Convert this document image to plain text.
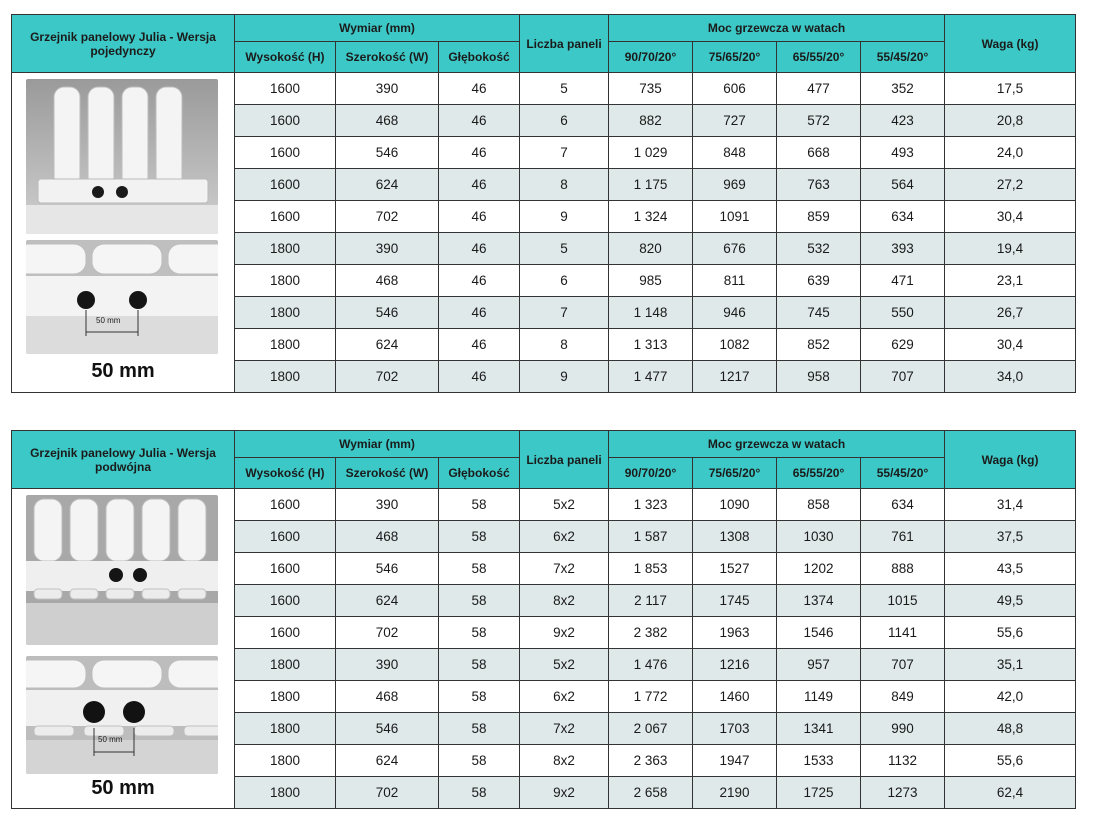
Grzejnik panelowy Julia - Wersja pojedynczy	Wymiar (mm)			Liczba paneli	Moc grzewcza w watach				Waga (kg)
	Wysokość (H)	Szerokość (W)	Głębokość		90/70/20°	75/65/20°	65/55/20°	55/45/20°	

50 mm
50 mm	1600	390	46	5	735	606	477	352	17,5
	1600	468	46	6	882	727	572	423	20,8
	1600	546	46	7	1 029	848	668	493	24,0
	1600	624	46	8	1 175	969	763	564	27,2
	1600	702	46	9	1 324	1091	859	634	30,4
	1800	390	46	5	820	676	532	393	19,4
	1800	468	46	6	985	811	639	471	23,1
	1800	546	46	7	1 148	946	745	550	26,7
	1800	624	46	8	1 313	1082	852	629	30,4
	1800	702	46	9	1 477	1217	958	707	34,0
Grzejnik panelowy Julia - Wersja podwójna	Wymiar (mm)			Liczba paneli	Moc grzewcza w watach				Waga (kg)
	Wysokość (H)	Szerokość (W)	Głębokość		90/70/20°	75/65/20°	65/55/20°	55/45/20°	

50 mm
50 mm	1600	390	58	5x2	1 323	1090	858	634	31,4
	1600	468	58	6x2	1 587	1308	1030	761	37,5
	1600	546	58	7x2	1 853	1527	1202	888	43,5
	1600	624	58	8x2	2 117	1745	1374	1015	49,5
	1600	702	58	9x2	2 382	1963	1546	1141	55,6
	1800	390	58	5x2	1 476	1216	957	707	35,1
	1800	468	58	6x2	1 772	1460	1149	849	42,0
	1800	546	58	7x2	2 067	1703	1341	990	48,8
	1800	624	58	8x2	2 363	1947	1533	1132	55,6
	1800	702	58	9x2	2 658	2190	1725	1273	62,4
